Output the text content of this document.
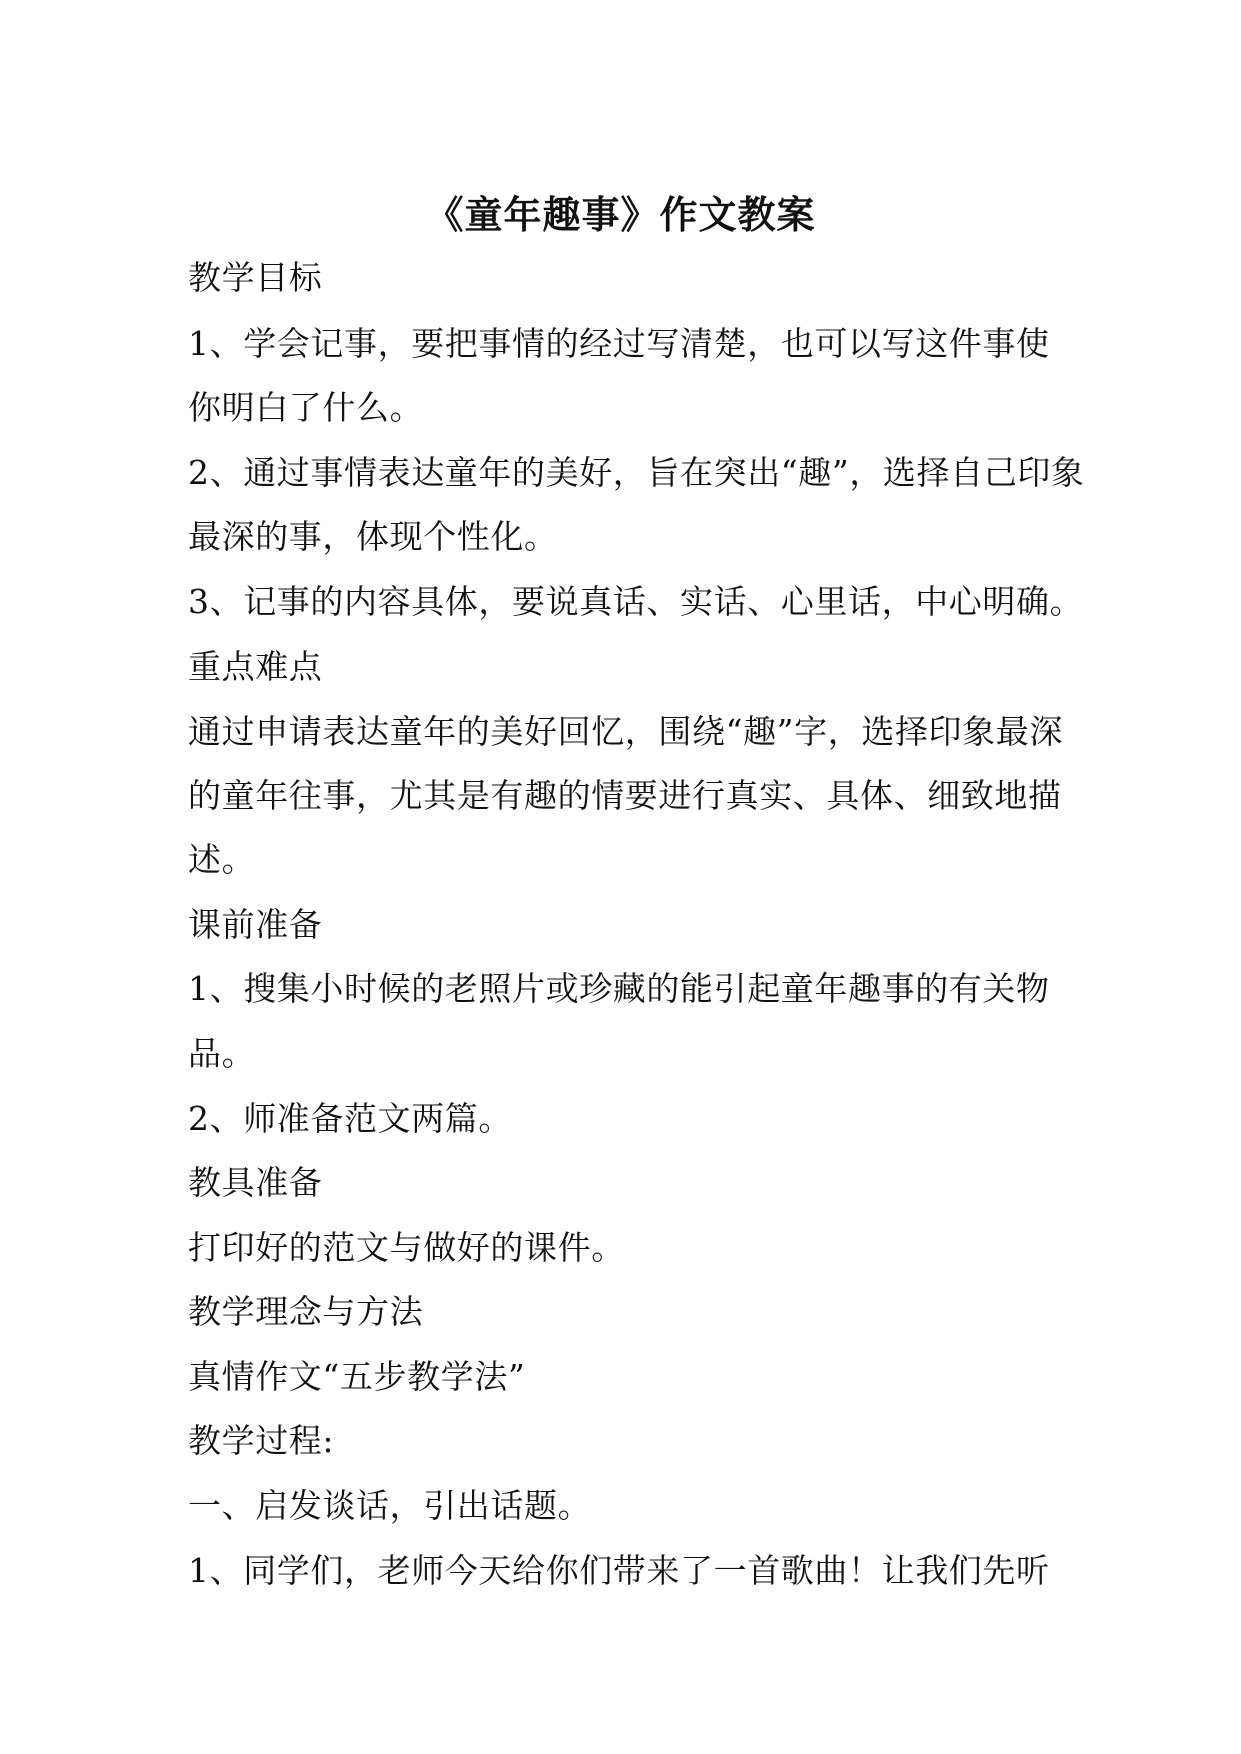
《童年趣事》作文教案

教学目标

1、学会记事，要把事情的经过写清楚，也可以写这件事使

你明白了什么。

2、通过事情表达童年的美好，旨在突出“趣”，选择自己印象

最深的事，体现个性化。

3、记事的内容具体，要说真话、实话、心里话，中心明确。

重点难点

通过申请表达童年的美好回忆，围绕“趣”字，选择印象最深

的童年往事，尤其是有趣的情要进行真实、具体、细致地描

述。

课前准备

1、搜集小时候的老照片或珍藏的能引起童年趣事的有关物

品。

2、师准备范文两篇。

教具准备

打印好的范文与做好的课件。

教学理念与方法

真情作文“五步教学法”

教学过程:

一、启发谈话，引出话题。

1、同学们，老师今天给你们带来了一首歌曲！让我们先听
